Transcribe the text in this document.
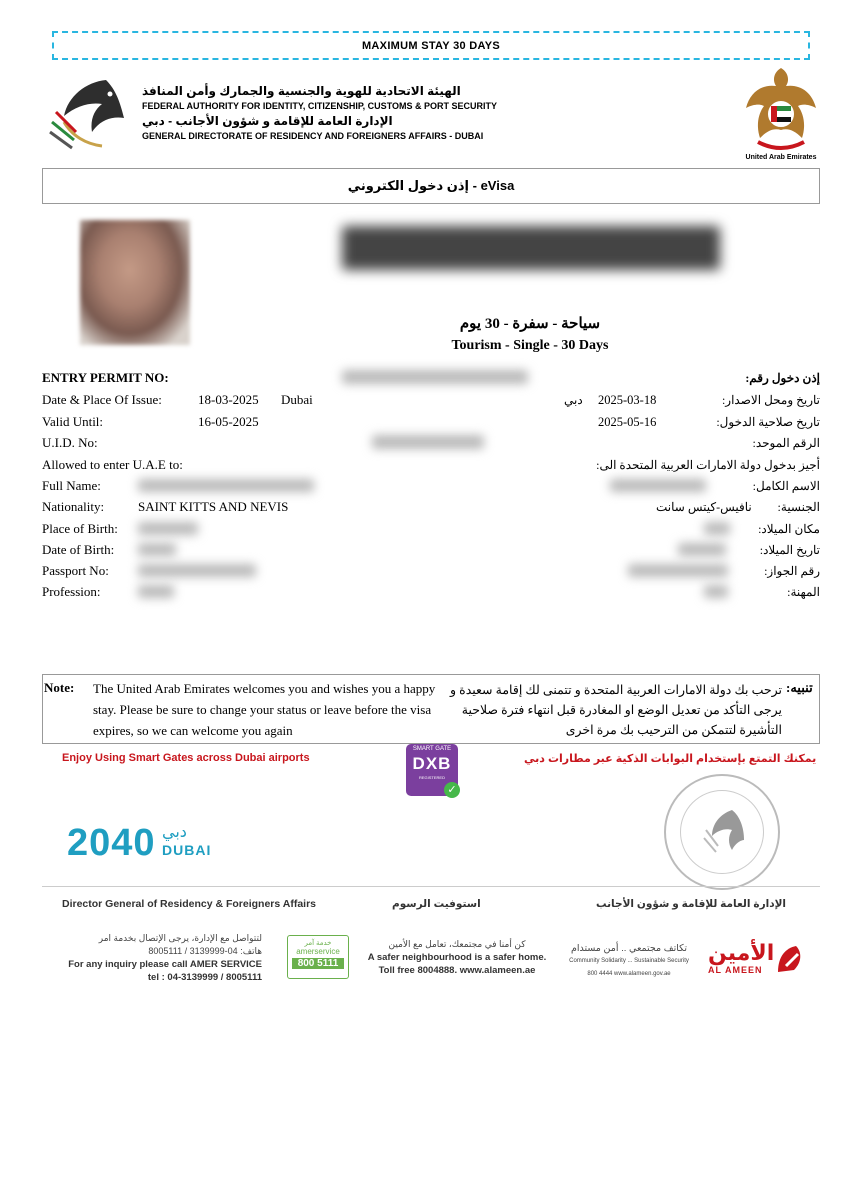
MAXIMUM STAY 30 DAYS
الهيئة الاتحادية للهوية والجنسية والجمارك وأمن المنافذ
FEDERAL AUTHORITY FOR IDENTITY, CITIZENSHIP, CUSTOMS & PORT SECURITY
الإدارة العامة للإقامة و شؤون الأجانب - دبي
GENERAL DIRECTORATE OF RESIDENCY AND FOREIGNERS AFFAIRS - DUBAI
United Arab Emirates
إذن دخول الكتروني - eVisa
سياحة - سفرة - 30 يوم
Tourism - Single - 30 Days
ENTRY PERMIT NO:	إذن دخول رقم:
Date & Place Of Issue:	18-03-2025 Dubai	دبي 2025-03-18	تاريخ ومحل الاصدار:
Valid Until:	16-05-2025	2025-05-16	تاريخ صلاحية الدخول:
U.I.D. No:	الرقم الموحد:
Allowed to enter U.A.E to:	أجيز بدخول دولة الامارات العربية المتحدة الى:
Full Name:	الاسم الكامل:
Nationality:	SAINT KITTS AND NEVIS	نافيس-كيتس سانت الجنسية:
Place of Birth:	مكان الميلاد:
Date of Birth:	تاريخ الميلاد:
Passport No:	رقم الجواز:
Profession:	المهنة:
Note: The United Arab Emirates welcomes you and wishes you a happy stay. Please be sure to change your status or leave before the visa expires, so we can welcome you again
ترحب بك دولة الامارات العربية المتحدة و تتمنى لك إقامة سعيدة و يرجى التأكد من تعديل الوضع او المغادرة قبل انتهاء فترة صلاحية التأشيرة لتتمكن من الترحيب بك مرة اخرى
تنبيه:
Enjoy Using Smart Gates across Dubai airports
SMART GATE
DXB
REGISTERED
✓
يمكنك التمتع بإستخدام البوابات الذكية عبر مطارات دبي
2040 دبي
DUBAI
Director General of Residency & Foreigners Affairs	استوفيت الرسوم	الإدارة العامة للإقامة و شؤون الأجانب
لتتواصل مع الإدارة، يرجى الإتصال بخدمة امر
هاتف: 04-3139999 / 8005111
For any inquiry please call AMER SERVICE
tel : 04-3139999 / 8005111
خدمة آمر
amerservice
800 5111
كن أمنا في مجتمعك، تعامل مع الأمين
A safer neighbourhood is a safer home.
Toll free 8004888. www.alameen.ae
تكاتف مجتمعي .. أمن مستدام
Community Solidarity ... Sustainable Security
800 4444 www.alameen.gov.ae
الأمين
AL AMEEN
